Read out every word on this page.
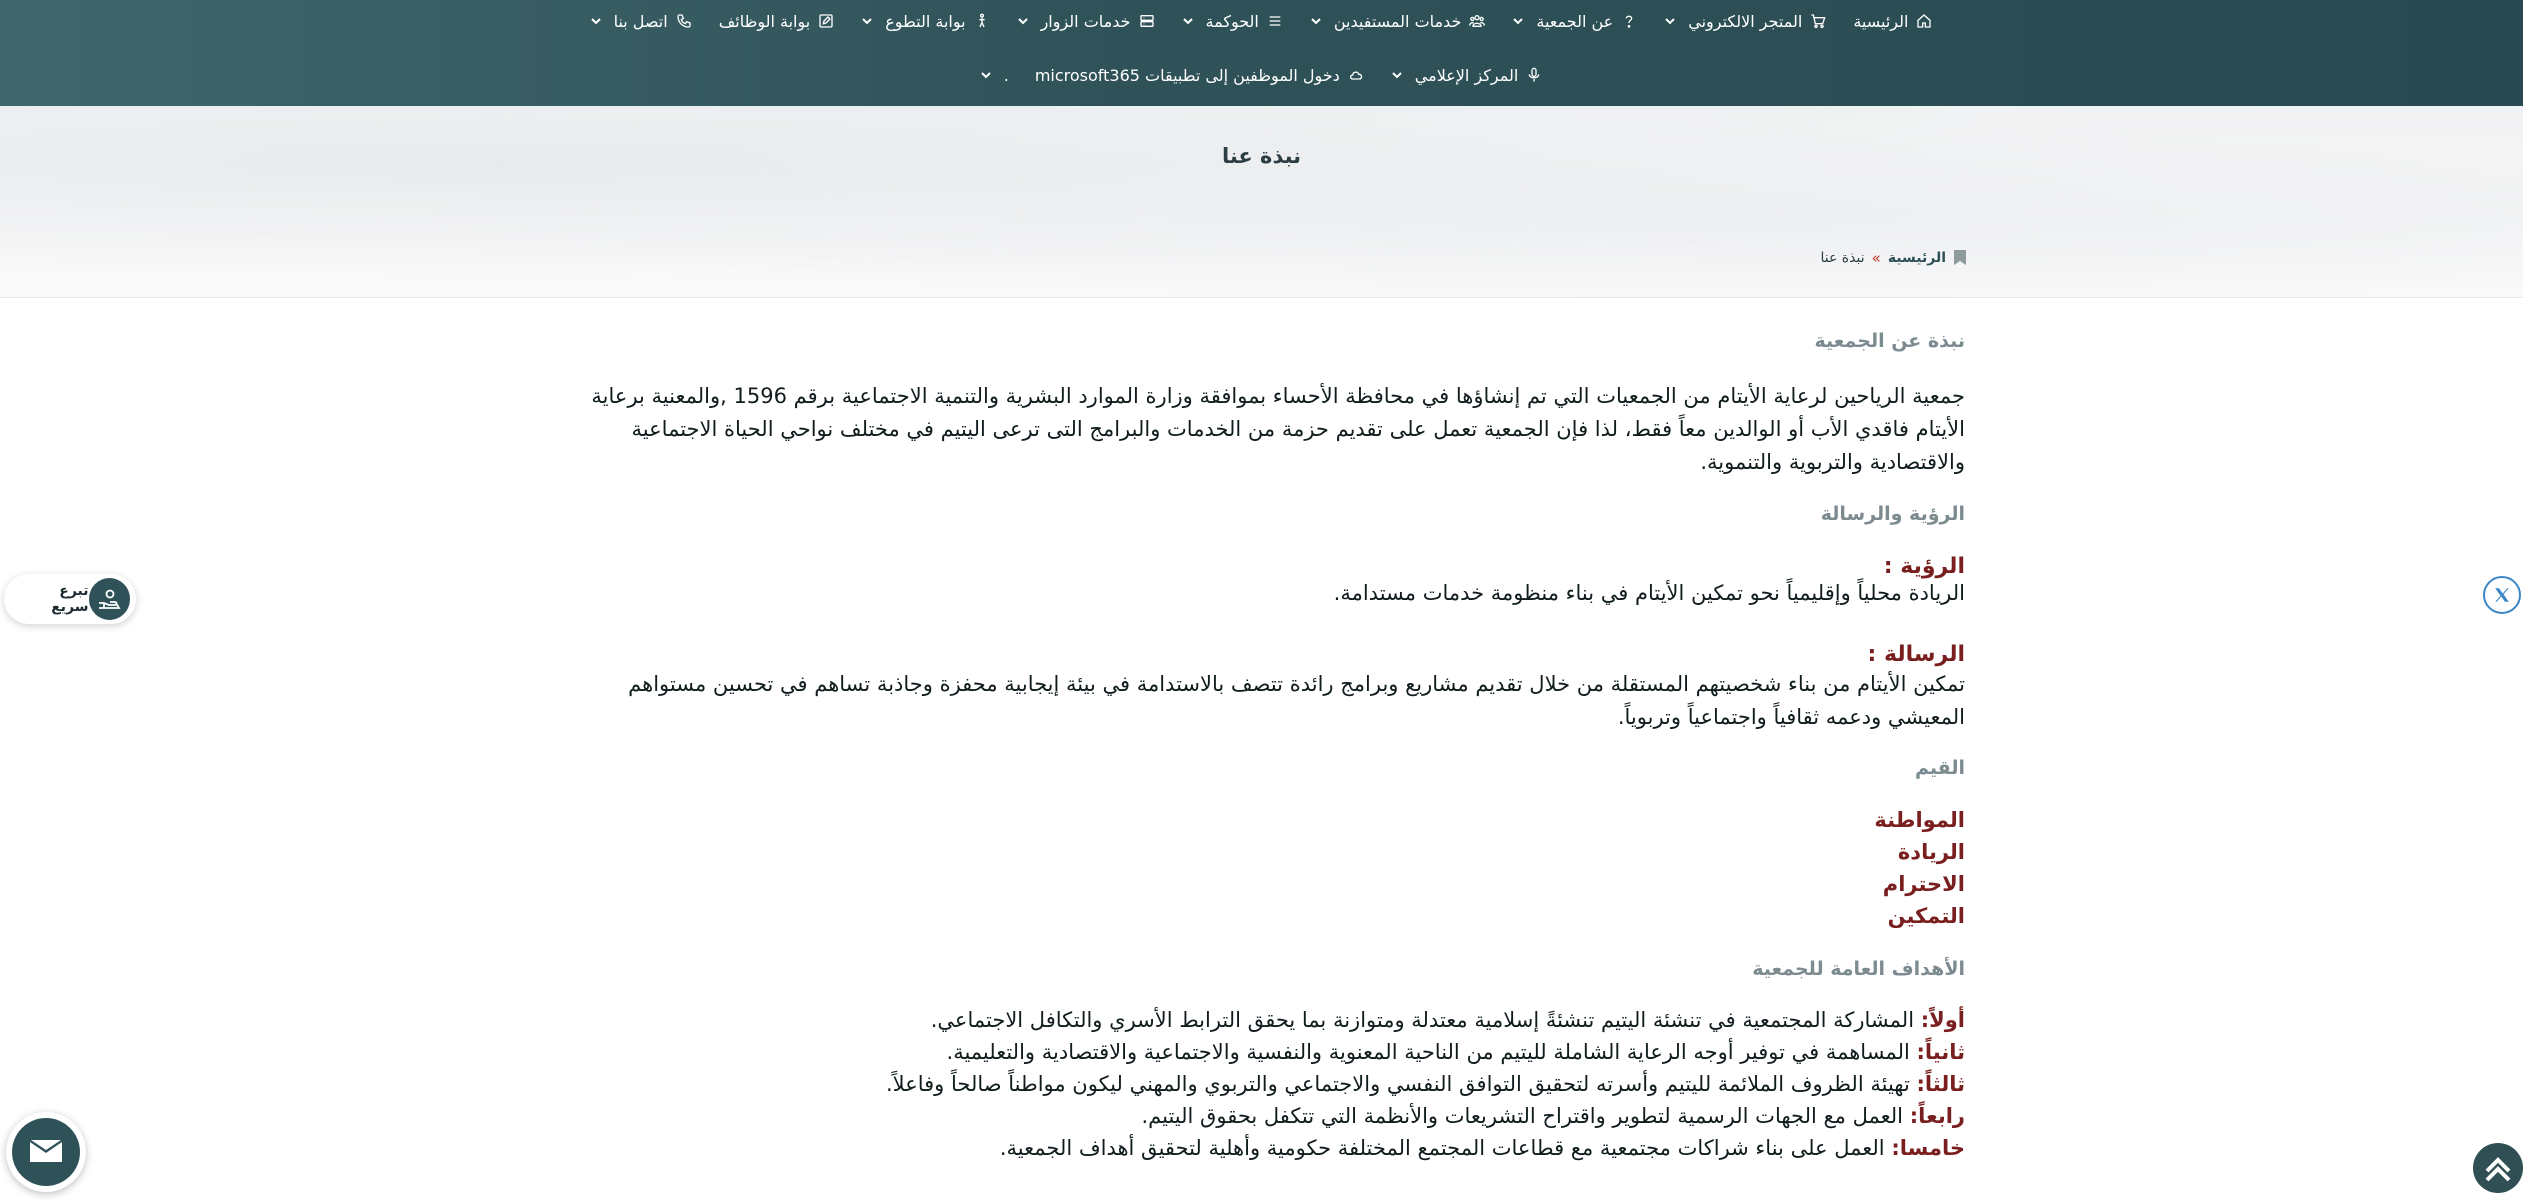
الرئيسية
المتجر الالكتروني
عن الجمعية
خدمات المستفيدين
الحوكمة
خدمات الزوار
بوابة التطوع
بوابة الوظائف
اتصل بنا
المركز الإعلامي
دخول الموظفين إلى تطبيقات microsoft365
.
نبذة عنا
الرئيسية
»
نبذة عنا
نبذة عن الجمعية

جمعية الرياحين لرعاية الأيتام من الجمعيات التي تم إنشاؤها في محافظة الأحساء بموافقة وزارة الموارد البشرية والتنمية الاجتماعية برقم 1596 ,والمعنية برعاية الأيتام فاقدي الأب أو الوالدين معاً فقط، لذا فإن الجمعية تعمل على تقديم حزمة من الخدمات والبرامج التى ترعى اليتيم في مختلف نواحي الحياة الاجتماعية والاقتصادية والتربوية والتنموية.

الرؤية والرسالة
الرؤية :

الريادة محلياً وإقليمياً نحو تمكين الأيتام في بناء منظومة خدمات مستدامة.

الرسالة :

تمكين الأيتام من بناء شخصيتهم المستقلة من خلال تقديم مشاريع وبرامج رائدة تتصف بالاستدامة في بيئة إيجابية محفزة وجاذبة تساهم في تحسين مستواهم المعيشي ودعمه ثقافياً واجتماعياً وتربوياً.

القيم
المواطنة
الريادة
الاحترام
التمكين
الأهداف العامة للجمعية
أولاً: المشاركة المجتمعية في تنشئة اليتيم تنشئةً إسلامية معتدلة ومتوازنة بما يحقق الترابط الأسري والتكافل الاجتماعي.
ثانياً: المساهمة في توفير أوجه الرعاية الشاملة لليتيم من الناحية المعنوية والنفسية والاجتماعية والاقتصادية والتعليمية.
ثالثاً: تهيئة الظروف الملائمة لليتيم وأسرته لتحقيق التوافق النفسي والاجتماعي والتربوي والمهني ليكون مواطناً صالحاً وفاعلاً.
رابعاً: العمل مع الجهات الرسمية لتطوير واقتراح التشريعات والأنظمة التي تتكفل بحقوق اليتيم.
خامسا: العمل على بناء شراكات مجتمعية مع قطاعات المجتمع المختلفة حكومية وأهلية لتحقيق أهداف الجمعية.
تبرع سريع
